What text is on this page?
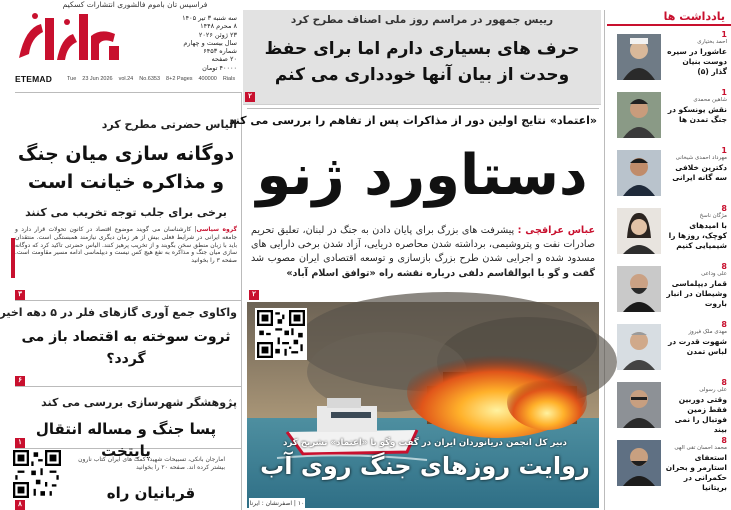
فراسیس تان باموم فالشوری انتشارات کسکیم
سه شنبه ۳ تیر ۱۴۰۵
۸ محرم ۱۴۴۸
۲۳ ژوئن ۲۰۲۶
سال بیست و چهارم
شماره ۶۴۵۳
۲۰ صفحه
۴۰۰۰۰ تومان
ETEMAD	Tue 23 Jun 2026 vol.24 No.6353 8+2 Pages 400000 Rials
رییس جمهور در مراسم روز ملی اصناف مطرح کرد
حرف های بسیاری دارم اما برای حفظ وحدت از بیان آنها خودداری می کنم
۲
«اعتماد» نتایج اولین دور از مذاکرات پس از تفاهم را بررسی می کند
دستاورد ژنو
عباس عراقچی : پیشرفت های بزرگ برای پایان دادن به جنگ در لبنان، تعلیق تحریم صادرات نفت و پتروشیمی، برداشته شدن محاصره دریایی، آزاد شدن برخی دارایی های مسدود شده و اجرایی شدن طرح بزرگ بازسازی و توسعه اقتصادی ایران مصوب شد گفت و گو با ابوالقاسم دلفی درباره نقشه راه «توافق اسلام آباد»
۲
دبیر کل انجمن دریانوردان ایران در گفت وگو با «اعتماد» تشریح کرد
روایت روزهای جنگ روی آب
۱۰ | اصفرنشان : ایرنا
الیاس حضرتی مطرح کرد
دوگانه سازی میان جنگ و مذاکره خیانت است
برخی برای جلب توجه تخریب می کنند
گروه سیاسی| کارشناسان می گویند موضوع اقتصاد در کانون تحولات قرار دارد و جامعه ایرانی در شرایط فعلی بیش از هر زمان دیگری نیازمند همبستگی است. منتقدان باید با زبان منطق سخن بگویند و از تخریب پرهیز کنند. الیاس حضرتی تاکید کرد که دوگانه سازی میان جنگ و مذاکره به نفع هیچ کس نیست و دیپلماسی ادامه مسیر مقاومت است. صفحه ۳ را بخوانید
۳
واکاوی جمع آوری گازهای فلر در ۵ دهه اخیر
ثروت سوخته به اقتصاد باز می گردد؟
۶
پژوهشگر شهرسازی بررسی می کند
پسا جنگ و مساله انتقال پایتخت
۱
امارجان بانکی، تسبیحات شهید، کمک های ایران کتاب نارون بیشتر کرده اند. صفحه ۲۰ را بخوانید
قربانیان راه
۸
یادداشت ها
1
احمد بختیاری
عاشورا در سیره دوست بنیان گذار (۵)
1
شاهین محمدی
نقش یونسکو در جنگ تمدن ها
1
مهرداد احمدی شیخانی
دکترین خلافی سه گانه ایرانی
8
مژگان ناسخ
با امیدهای کوچک، روزها را شیمیایی کنیم
8
علی وداعی
قمار دیپلماسی وشیطان در انبار باروت
8
مهدی ملک فیروز
شهوت قدرت در لباس تمدن
8
علی رسولی
وقتی دوربین فقط زمین فوتبال را نمی بیند
8
محمد احسان تقی الهی
استعفای استارمر و بحران حکمرانی در بریتانیا
